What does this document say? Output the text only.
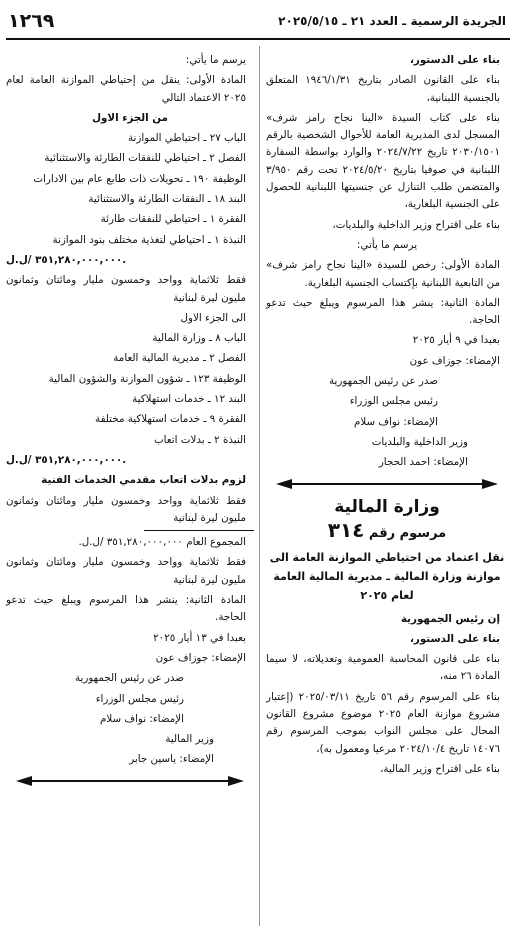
الجريدة الرسمية ـ العدد ٢١ ـ ٢٠٢٥/٥/١٥
١٢٦٩

بناء على الدستور،

بناء على القانون الصادر بتاريخ ١٩٤٦/١/٣١ المتعلق بالجنسية اللبنانية،

بناء على كتاب السيدة «الينا نجاح رامز شرف» المسجل لدى المديرية العامة للأحوال الشخصية بالرقم ٢٠٣٠/١٥٠١ تاريخ ٢٠٢٤/٧/٢٢ والوارد بواسطة السفارة اللبنانية في صوفيا بتاريخ ٢٠٢٤/٥/٢٠ تحت رقم ٣/٩٥٠ والمتضمن طلب التنازل عن جنسيتها اللبنانية للحصول على الجنسية البلغارية،

بناء على اقتراح وزير الداخلية والبلديات،

يرسم ما يأتي:

المادة الأولى: رخص للسيدة «الينا نجاح رامز شرف» من التابعية اللبنانية بإكتساب الجنسية البلغارية.

المادة الثانية: ينشر هذا المرسوم ويبلغ حيث تدعو الحاجة.

بعبدا في ٩ أيار ٢٠٢٥

الإمضاء: جوزاف عون

صدر عن رئيس الجمهورية

رئيس مجلس الوزراء

الإمضاء: نواف سلام

وزير الداخلية والبلديات

الإمضاء: احمد الحجار

وزارة المالية
مرسوم رقم ٣١٤
نقل اعتماد من احتياطي الموازنة العامة الى موازنة وزارة المالية ـ مديرية المالية العامة لعام ٢٠٢٥

إن رئيس الجمهورية

بناء على الدستور،

بناء على قانون المحاسبة العمومية وتعديلاته، لا سيما المادة ٢٦ منه،

بناء على المرسوم رقم ٥٦ تاريخ ٢٠٢٥/٠٣/١١ (إعتبار مشروع موازنة العام ٢٠٢٥ موضوع مشروع القانون المحال على مجلس النواب بموجب المرسوم رقم ١٤٠٧٦ تاريخ ٢٠٢٤/١٠/٤ مرعيا ومعمول به)،

بناء على اقتراح وزير المالية،

يرسم ما يأتي:

المادة الأولى: ينقل من إحتياطي الموازنة العامة لعام ٢٠٢٥ الاعتماد التالي

من الجزء الاول

الباب ٢٧ ـ احتياطي الموازنة

الفصل ٢ ـ احتياطي للنفقات الطارئة والاستثنائية

الوظيفة ١٩٠ ـ تحويلات ذات طابع عام بين الادارات

البند ١٨ ـ النفقات الطارئة والاستثنائية

الفقرة ١ ـ احتياطي للنفقات طارئة

النبذة ١ ـ احتياطي لتغذية مختلف بنود الموازنة

٣٥١,٢٨٠,٠٠٠,٠٠٠ /ل.ل.

فقط ثلاثماية وواحد وخمسون مليار ومائتان وثمانون مليون ليرة لبنانية

الى الجزء الاول

الباب ٨ ـ وزارة المالية

الفصل ٢ ـ مديرية المالية العامة

الوظيفة ١٢٣ ـ شؤون الموازنة والشؤون المالية

البند ١٢ ـ خدمات استهلاكية

الفقرة ٩ ـ خدمات استهلاكية مختلفة

النبذة ٢ ـ بدلات اتعاب

٣٥١,٢٨٠,٠٠٠,٠٠٠ /ل.ل.

لزوم بدلات اتعاب مقدمي الخدمات الفنية

فقط ثلاثماية وواحد وخمسون مليار ومائتان وثمانون مليون ليرة لبنانية

المجموع العام ٣٥١,٢٨٠,٠٠٠,٠٠٠ /ل.ل.

فقط ثلاثماية وواحد وخمسون مليار ومائتان وثمانون مليون ليرة لبنانية

المادة الثانية: ينشر هذا المرسوم ويبلغ حيث تدعو الحاجة.

بعبدا في ١٣ أيار ٢٠٢٥

الإمضاء: جوزاف عون

صدر عن رئيس الجمهورية

رئيس مجلس الوزراء

الإمضاء: نواف سلام

وزير المالية

الإمضاء: ياسين جابر
